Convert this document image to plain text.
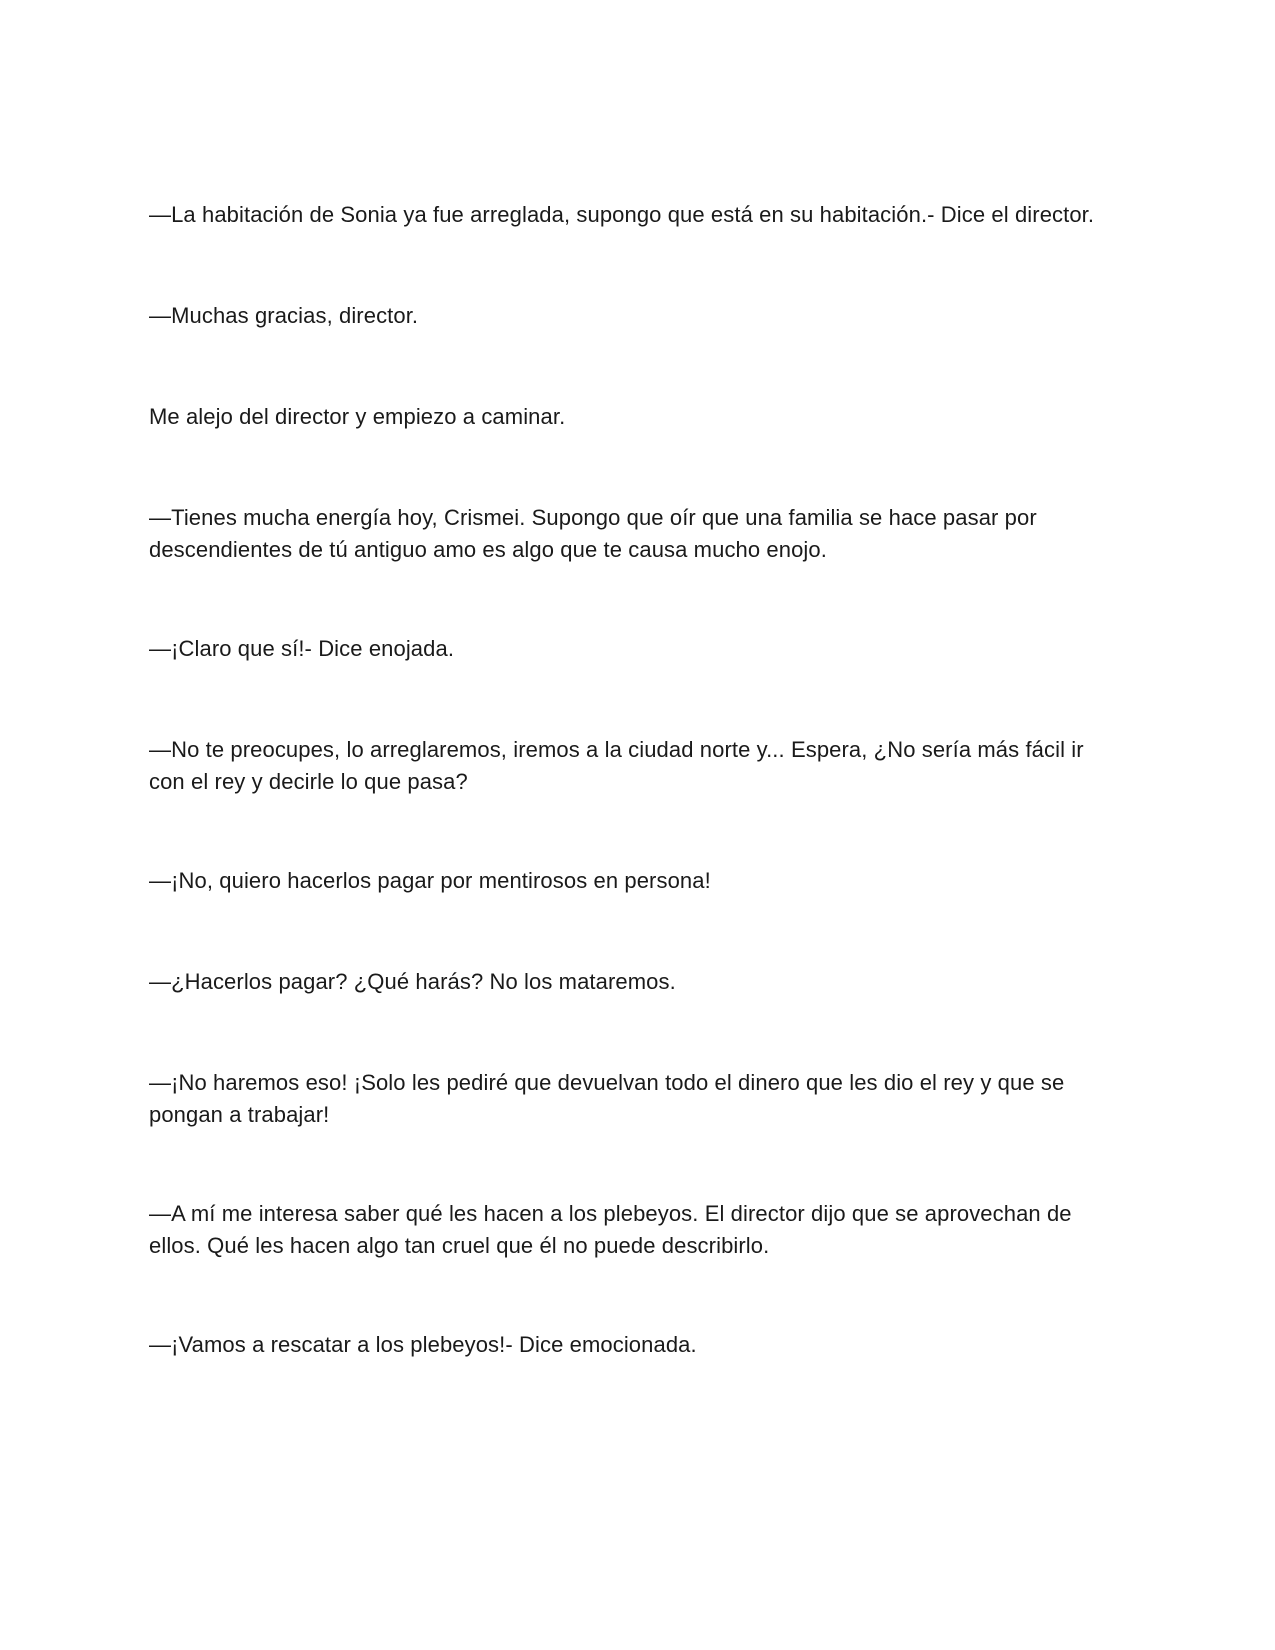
—La habitación de Sonia ya fue arreglada, supongo que está en su habitación.- Dice el director.

—Muchas gracias, director.

Me alejo del director y empiezo a caminar.

—Tienes mucha energía hoy, Crismei. Supongo que oír que una familia se hace pasar por descendientes de tú antiguo amo es algo que te causa mucho enojo.

—¡Claro que sí!- Dice enojada.

—No te preocupes, lo arreglaremos, iremos a la ciudad norte y... Espera, ¿No sería más fácil ir con el rey y decirle lo que pasa?

—¡No, quiero hacerlos pagar por mentirosos en persona!

—¿Hacerlos pagar? ¿Qué harás? No los mataremos.

—¡No haremos eso! ¡Solo les pediré que devuelvan todo el dinero que les dio el rey y que se pongan a trabajar!

—A mí me interesa saber qué les hacen a los plebeyos. El director dijo que se aprovechan de ellos. Qué les hacen algo tan cruel que él no puede describirlo.

—¡Vamos a rescatar a los plebeyos!- Dice emocionada.
